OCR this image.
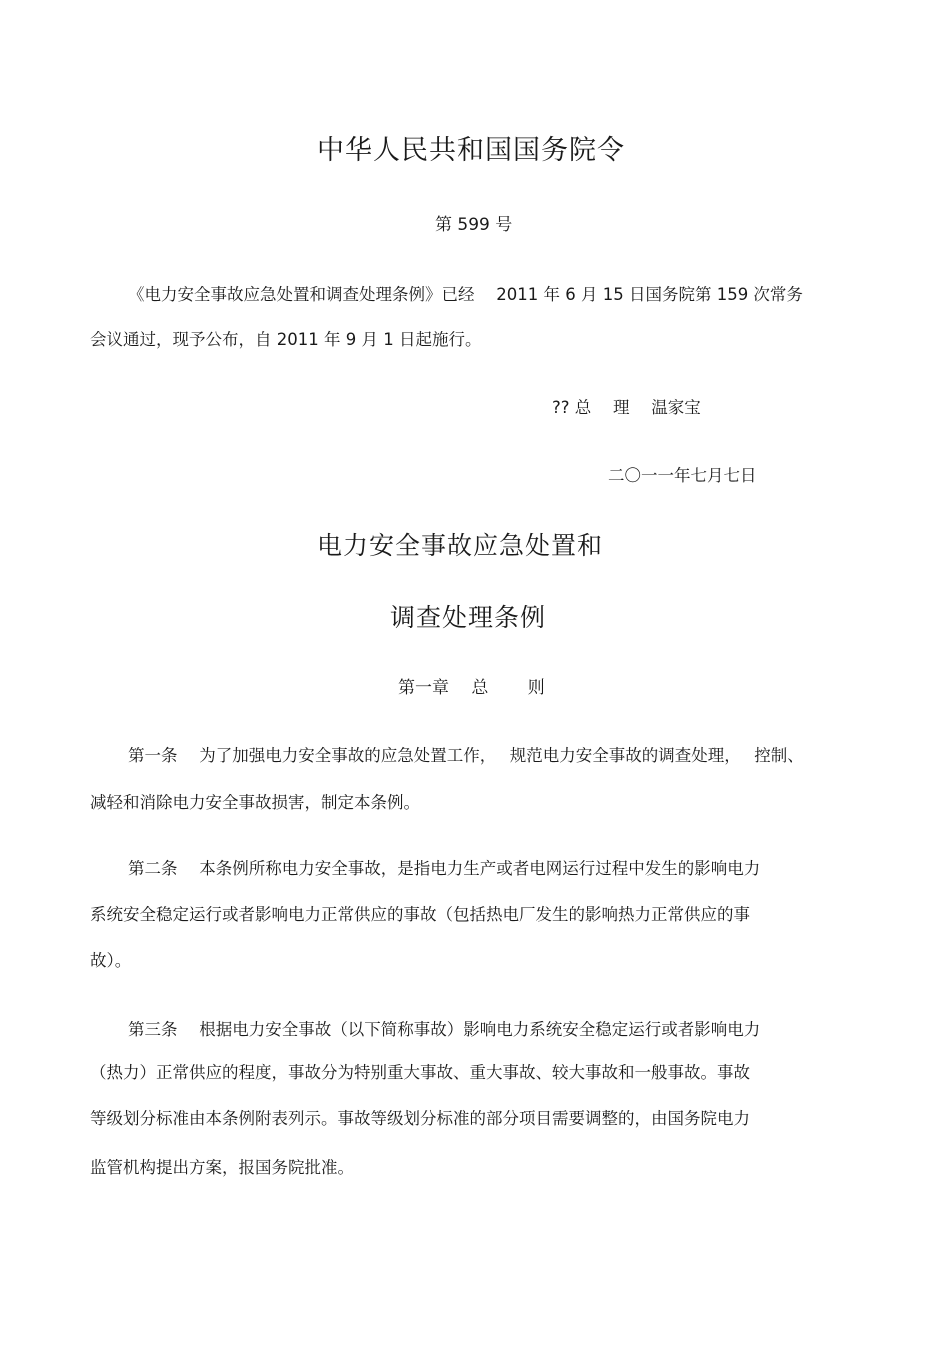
中华人民共和国国务院令
第 599 号
《电力安全事故应急处置和调查处理条例》已经 　2011 年 6 月 15 日国务院第 159 次常务
会议通过，现予公布，自 2011 年 9 月 1 日起施行。
?? 总　 理　 温家宝
二〇一一年七月七日
电力安全事故应急处置和
调查处理条例
第一章　 总　　 则
第一条　 为了加强电力安全事故的应急处置工作，　 规范电力安全事故的调查处理，　 控制、
减轻和消除电力安全事故损害，制定本条例。
第二条　 本条例所称电力安全事故，是指电力生产或者电网运行过程中发生的影响电力
系统安全稳定运行或者影响电力正常供应的事故（包括热电厂发生的影响热力正常供应的事
故）。
第三条　 根据电力安全事故（以下简称事故）影响电力系统安全稳定运行或者影响电力
（热力）正常供应的程度，事故分为特别重大事故、重大事故、较大事故和一般事故。事故
等级划分标准由本条例附表列示。事故等级划分标准的部分项目需要调整的，由国务院电力
监管机构提出方案，报国务院批准。
